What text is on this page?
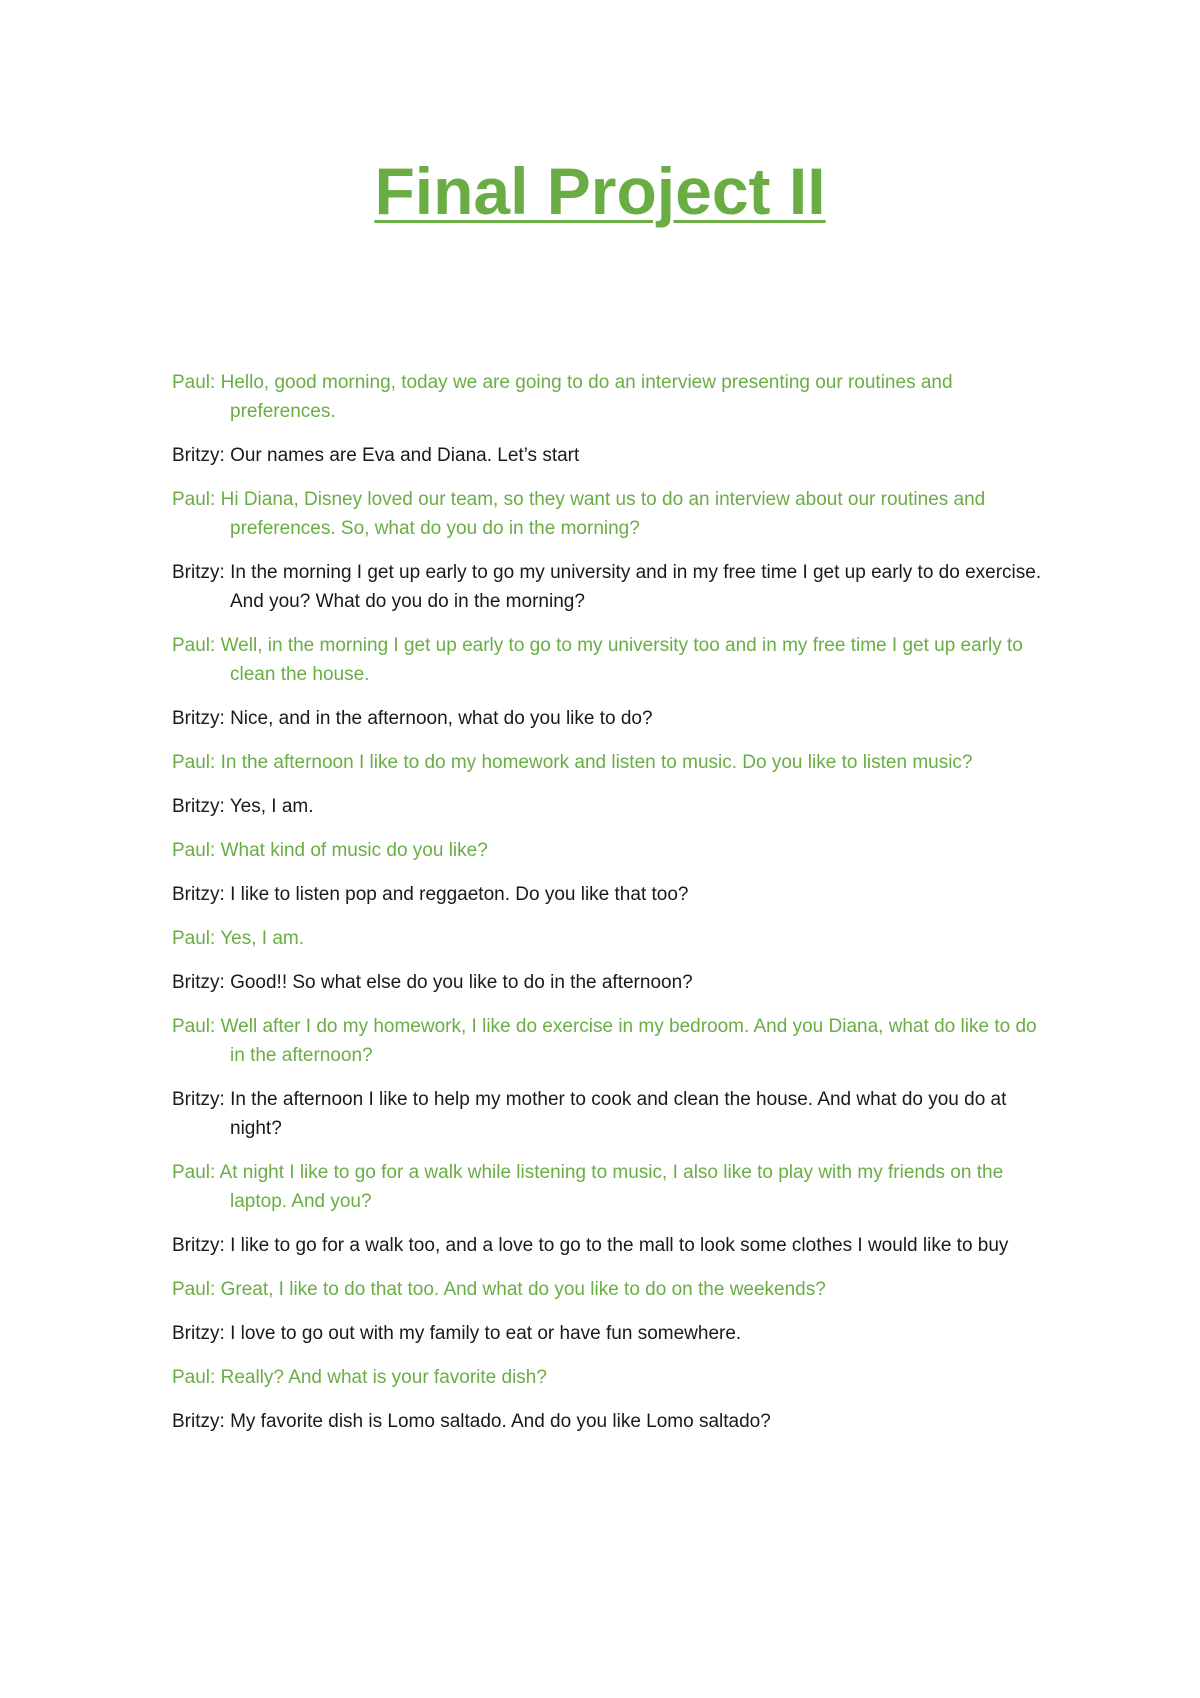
Final Project II

Paul : Hello, good morning, today we are going to do an interview presenting our routines and preferences.

Britzy : Our names are Eva and Diana. Let’s start

Paul : Hi Diana, Disney loved our team, so they want us to do an interview about our routines and preferences. So, what do you do in the morning?

Britzy : In the morning I get up early to go my university and in my free time I get up early to do exercise. And you? What do you do in the morning?

Paul : Well, in the morning I get up early to go to my university too and in my free time I get up early to clean the house.

Britzy : Nice, and in the afternoon, what do you like to do?

Paul : In the afternoon I like to do my homework and listen to music. Do you like to listen music?

Britzy : Yes, I am.

Paul : What kind of music do you like?

Britzy : I like to listen pop and reggaeton. Do you like that too?

Paul : Yes, I am.

Britzy : Good!! So what else do you like to do in the afternoon?

Paul : Well after I do my homework, I like do exercise in my bedroom. And you Diana, what do like to do in the afternoon?

Britzy : In the afternoon I like to help my mother to cook and clean the house. And what do you do at night?

Paul : At night I like to go for a walk while listening to music, I also like to play with my friends on the laptop. And you?

Britzy : I like to go for a walk too, and a love to go to the mall to look some clothes I would like to buy

Paul : Great, I like to do that too. And what do you like to do on the weekends?

Britzy : I love to go out with my family to eat or have fun somewhere.

Paul : Really? And what is your favorite dish?

Britzy : My favorite dish is Lomo saltado. And do you like Lomo saltado?
